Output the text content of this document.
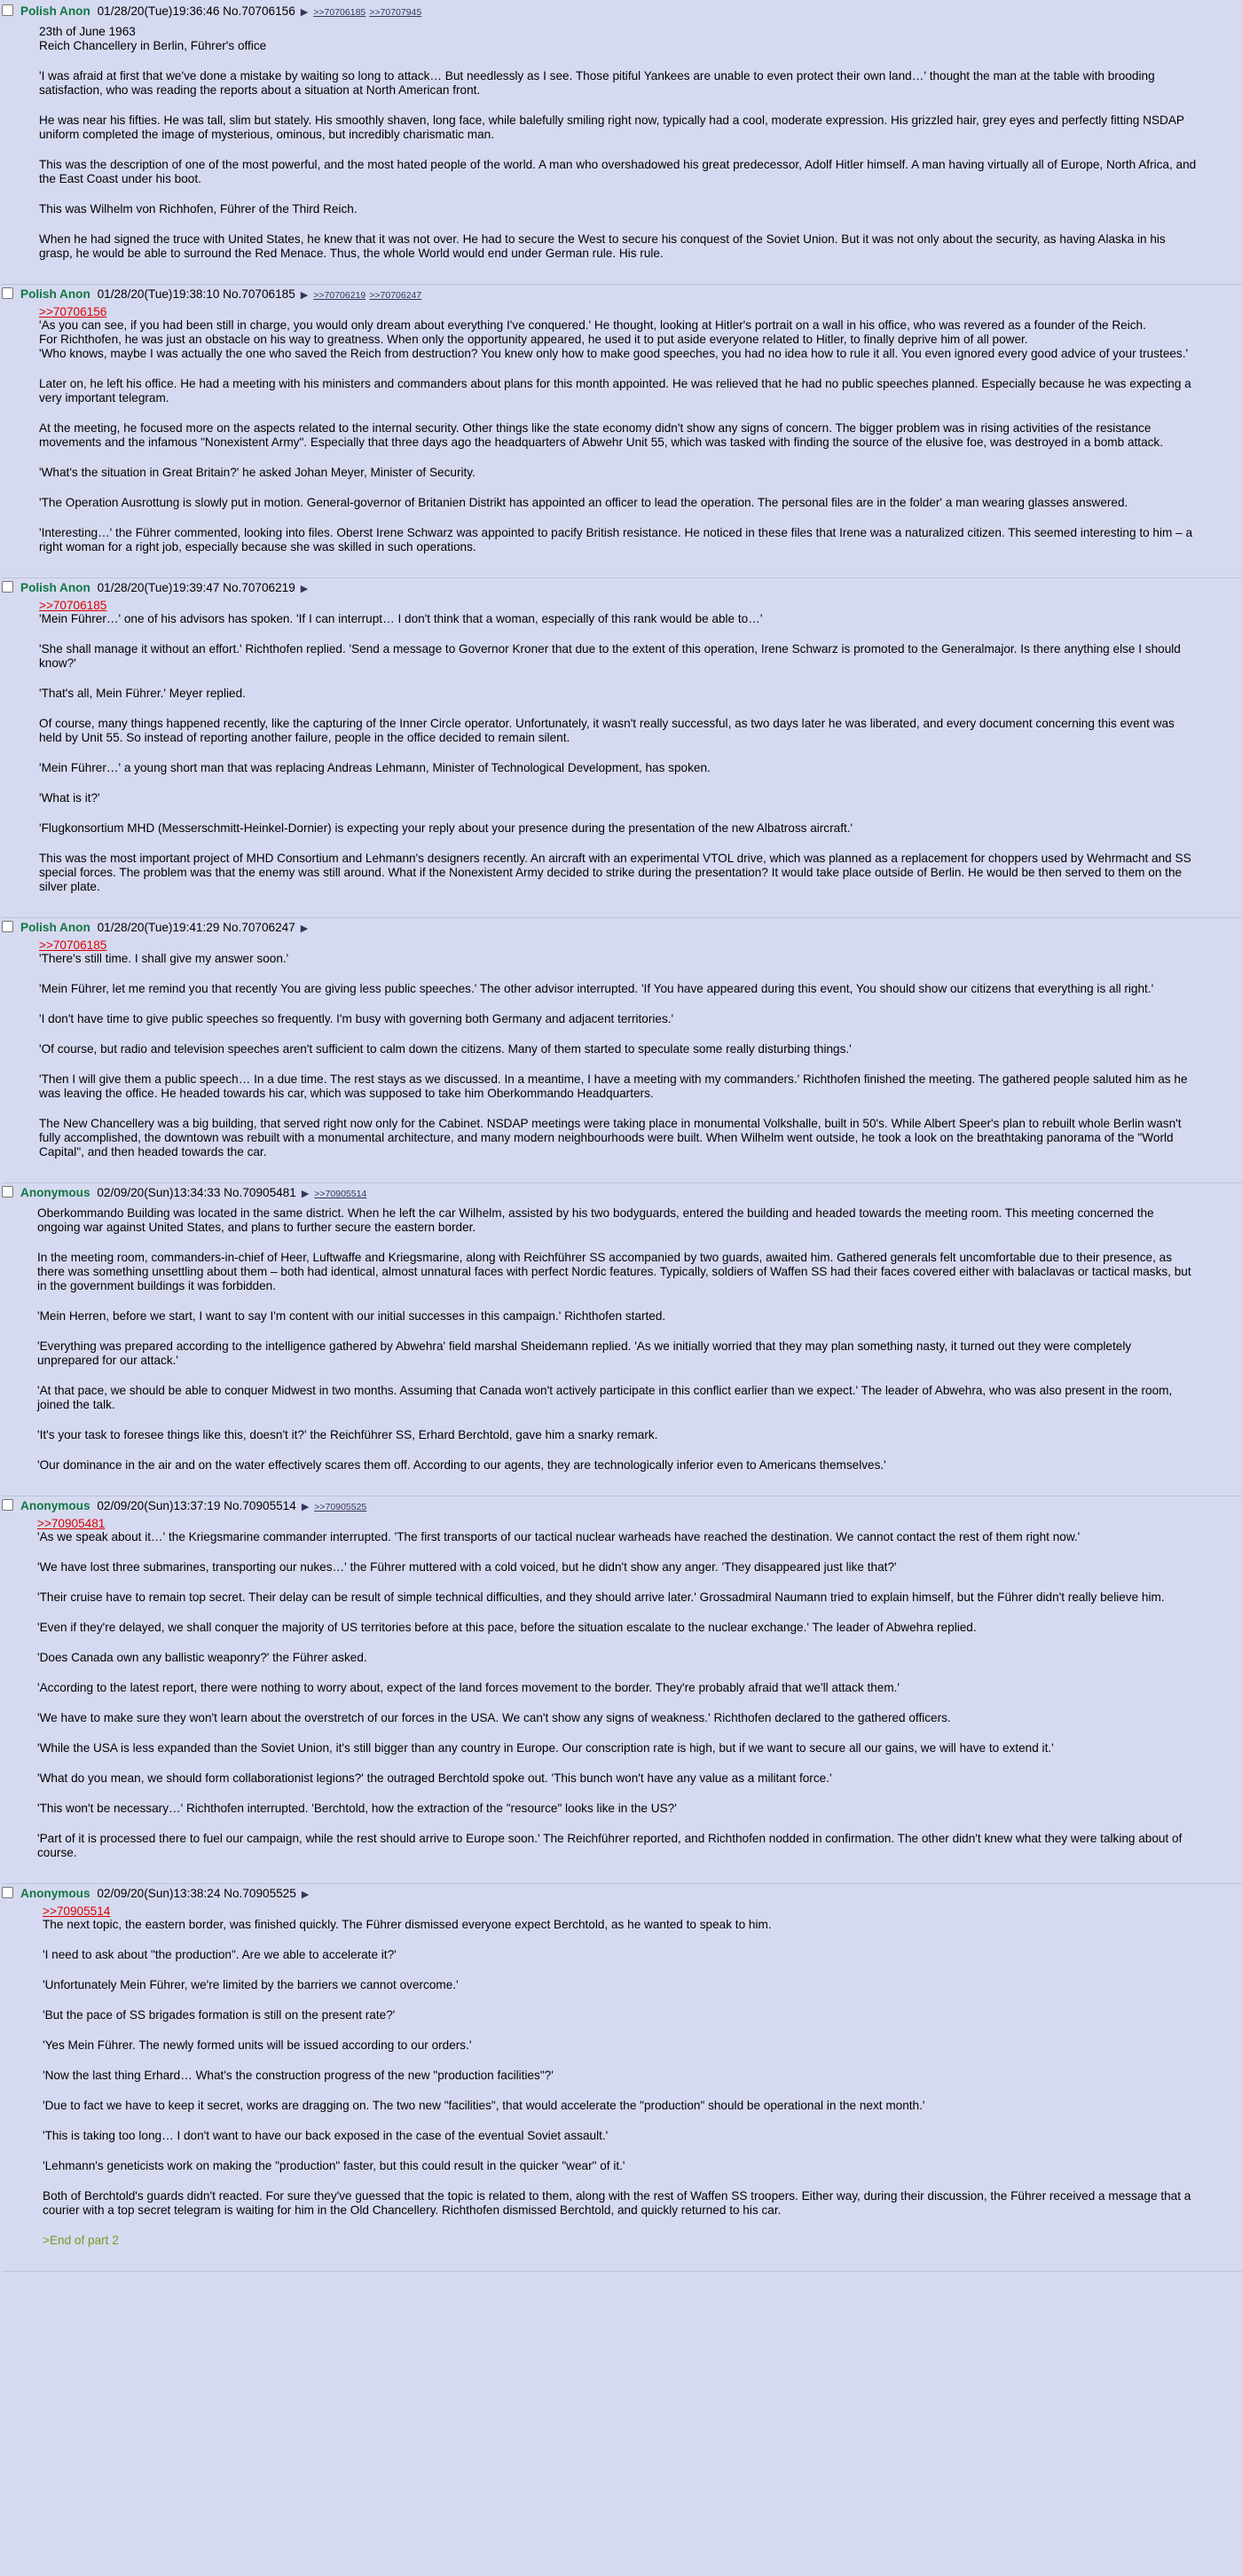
Polish Anon 01/28/20(Tue)19:36:46 No.70706156 ▶ >>70706185 >>70707945

23th of June 1963
Reich Chancellery in Berlin, Führer's office

'I was afraid at first that we've done a mistake by waiting so long to attack… But needlessly as I see. Those pitiful Yankees are unable to even protect their own land…' thought the man at the table with brooding satisfaction, who was reading the reports about a situation at North American front.

He was near his fifties. He was tall, slim but stately. His smoothly shaven, long face, while balefully smiling right now, typically had a cool, moderate expression. His grizzled hair, grey eyes and perfectly fitting NSDAP uniform completed the image of mysterious, ominous, but incredibly charismatic man.

This was the description of one of the most powerful, and the most hated people of the world. A man who overshadowed his great predecessor, Adolf Hitler himself. A man having virtually all of Europe, North Africa, and the East Coast under his boot.

This was Wilhelm von Richhofen, Führer of the Third Reich.

When he had signed the truce with United States, he knew that it was not over. He had to secure the West to secure his conquest of the Soviet Union. But it was not only about the security, as having Alaska in his grasp, he would be able to surround the Red Menace. Thus, the whole World would end under German rule. His rule.

Polish Anon 01/28/20(Tue)19:38:10 No.70706185 ▶ >>70706219 >>70706247
>>70706156

'As you can see, if you had been still in charge, you would only dream about everything I've conquered.' He thought, looking at Hitler's portrait on a wall in his office, who was revered as a founder of the Reich.
For Richthofen, he was just an obstacle on his way to greatness. When only the opportunity appeared, he used it to put aside everyone related to Hitler, to finally deprive him of all power.
'Who knows, maybe I was actually the one who saved the Reich from destruction? You knew only how to make good speeches, you had no idea how to rule it all. You even ignored every good advice of your trustees.'

Later on, he left his office. He had a meeting with his ministers and commanders about plans for this month appointed. He was relieved that he had no public speeches planned. Especially because he was expecting a very important telegram.

At the meeting, he focused more on the aspects related to the internal security. Other things like the state economy didn't show any signs of concern. The bigger problem was in rising activities of the resistance movements and the infamous "Nonexistent Army". Especially that three days ago the headquarters of Abwehr Unit 55, which was tasked with finding the source of the elusive foe, was destroyed in a bomb attack.

'What's the situation in Great Britain?' he asked Johan Meyer, Minister of Security.

'The Operation Ausrottung is slowly put in motion. General-governor of Britanien Distrikt has appointed an officer to lead the operation. The personal files are in the folder' a man wearing glasses answered.

'Interesting…' the Führer commented, looking into files. Oberst Irene Schwarz was appointed to pacify British resistance. He noticed in these files that Irene was a naturalized citizen. This seemed interesting to him – a right woman for a right job, especially because she was skilled in such operations.

Polish Anon 01/28/20(Tue)19:39:47 No.70706219 ▶
>>70706185

'Mein Führer…' one of his advisors has spoken. 'If I can interrupt… I don't think that a woman, especially of this rank would be able to…'

'She shall manage it without an effort.' Richthofen replied. 'Send a message to Governor Kroner that due to the extent of this operation, Irene Schwarz is promoted to the Generalmajor. Is there anything else I should know?'

'That's all, Mein Führer.' Meyer replied.

Of course, many things happened recently, like the capturing of the Inner Circle operator. Unfortunately, it wasn't really successful, as two days later he was liberated, and every document concerning this event was held by Unit 55. So instead of reporting another failure, people in the office decided to remain silent.

'Mein Führer…' a young short man that was replacing Andreas Lehmann, Minister of Technological Development, has spoken.

'What is it?'

'Flugkonsortium MHD (Messerschmitt-Heinkel-Dornier) is expecting your reply about your presence during the presentation of the new Albatross aircraft.'

This was the most important project of MHD Consortium and Lehmann's designers recently. An aircraft with an experimental VTOL drive, which was planned as a replacement for choppers used by Wehrmacht and SS special forces. The problem was that the enemy was still around. What if the Nonexistent Army decided to strike during the presentation? It would take place outside of Berlin. He would be then served to them on the silver plate.

Polish Anon 01/28/20(Tue)19:41:29 No.70706247 ▶
>>70706185

'There's still time. I shall give my answer soon.'

'Mein Führer, let me remind you that recently You are giving less public speeches.' The other advisor interrupted. 'If You have appeared during this event, You should show our citizens that everything is all right.'

'I don't have time to give public speeches so frequently. I'm busy with governing both Germany and adjacent territories.'

'Of course, but radio and television speeches aren't sufficient to calm down the citizens. Many of them started to speculate some really disturbing things.'

'Then I will give them a public speech… In a due time. The rest stays as we discussed. In a meantime, I have a meeting with my commanders.' Richthofen finished the meeting. The gathered people saluted him as he was leaving the office. He headed towards his car, which was supposed to take him Oberkommando Headquarters.

The New Chancellery was a big building, that served right now only for the Cabinet. NSDAP meetings were taking place in monumental Volkshalle, built in 50's. While Albert Speer's plan to rebuilt whole Berlin wasn't fully accomplished, the downtown was rebuilt with a monumental architecture, and many modern neighbourhoods were built. When Wilhelm went outside, he took a look on the breathtaking panorama of the "World Capital", and then headed towards the car.

Anonymous 02/09/20(Sun)13:34:33 No.70905481 ▶ >>70905514

Oberkommando Building was located in the same district. When he left the car Wilhelm, assisted by his two bodyguards, entered the building and headed towards the meeting room. This meeting concerned the ongoing war against United States, and plans to further secure the eastern border.

In the meeting room, commanders-in-chief of Heer, Luftwaffe and Kriegsmarine, along with Reichführer SS accompanied by two guards, awaited him. Gathered generals felt uncomfortable due to their presence, as there was something unsettling about them – both had identical, almost unnatural faces with perfect Nordic features. Typically, soldiers of Waffen SS had their faces covered either with balaclavas or tactical masks, but in the government buildings it was forbidden.

'Mein Herren, before we start, I want to say I'm content with our initial successes in this campaign.' Richthofen started.

'Everything was prepared according to the intelligence gathered by Abwehra' field marshal Sheidemann replied. 'As we initially worried that they may plan something nasty, it turned out they were completely unprepared for our attack.'

'At that pace, we should be able to conquer Midwest in two months. Assuming that Canada won't actively participate in this conflict earlier than we expect.' The leader of Abwehra, who was also present in the room, joined the talk.

'It's your task to foresee things like this, doesn't it?' the Reichführer SS, Erhard Berchtold, gave him a snarky remark.

'Our dominance in the air and on the water effectively scares them off. According to our agents, they are technologically inferior even to Americans themselves.'

Anonymous 02/09/20(Sun)13:37:19 No.70905514 ▶ >>70905525
>>70905481

'As we speak about it…' the Kriegsmarine commander interrupted. 'The first transports of our tactical nuclear warheads have reached the destination. We cannot contact the rest of them right now.'

'We have lost three submarines, transporting our nukes…' the Führer muttered with a cold voiced, but he didn't show any anger. 'They disappeared just like that?'

'Their cruise have to remain top secret. Their delay can be result of simple technical difficulties, and they should arrive later.' Grossadmiral Naumann tried to explain himself, but the Führer didn't really believe him.

'Even if they're delayed, we shall conquer the majority of US territories before at this pace, before the situation escalate to the nuclear exchange.' The leader of Abwehra replied.

'Does Canada own any ballistic weaponry?' the Führer asked.

'According to the latest report, there were nothing to worry about, expect of the land forces movement to the border. They're probably afraid that we'll attack them.'

'We have to make sure they won't learn about the overstretch of our forces in the USA. We can't show any signs of weakness.' Richthofen declared to the gathered officers.

'While the USA is less expanded than the Soviet Union, it's still bigger than any country in Europe. Our conscription rate is high, but if we want to secure all our gains, we will have to extend it.'

'What do you mean, we should form collaborationist legions?' the outraged Berchtold spoke out. 'This bunch won't have any value as a militant force.'

'This won't be necessary…' Richthofen interrupted. 'Berchtold, how the extraction of the "resource" looks like in the US?'

'Part of it is processed there to fuel our campaign, while the rest should arrive to Europe soon.' The Reichführer reported, and Richthofen nodded in confirmation. The other didn't knew what they were talking about of course.

Anonymous 02/09/20(Sun)13:38:24 No.70905525 ▶
>>70905514

The next topic, the eastern border, was finished quickly. The Führer dismissed everyone expect Berchtold, as he wanted to speak to him.

'I need to ask about "the production". Are we able to accelerate it?'

'Unfortunately Mein Führer, we're limited by the barriers we cannot overcome.'

'But the pace of SS brigades formation is still on the present rate?'

'Yes Mein Führer. The newly formed units will be issued according to our orders.'

'Now the last thing Erhard… What's the construction progress of the new "production facilities"?'

'Due to fact we have to keep it secret, works are dragging on. The two new "facilities", that would accelerate the "production" should be operational in the next month.'

'This is taking too long… I don't want to have our back exposed in the case of the eventual Soviet assault.'

'Lehmann's geneticists work on making the "production" faster, but this could result in the quicker "wear" of it.'

Both of Berchtold's guards didn't reacted. For sure they've guessed that the topic is related to them, along with the rest of Waffen SS troopers. Either way, during their discussion, the Führer received a message that a courier with a top secret telegram is waiting for him in the Old Chancellery. Richthofen dismissed Berchtold, and quickly returned to his car.

>End of part 2
